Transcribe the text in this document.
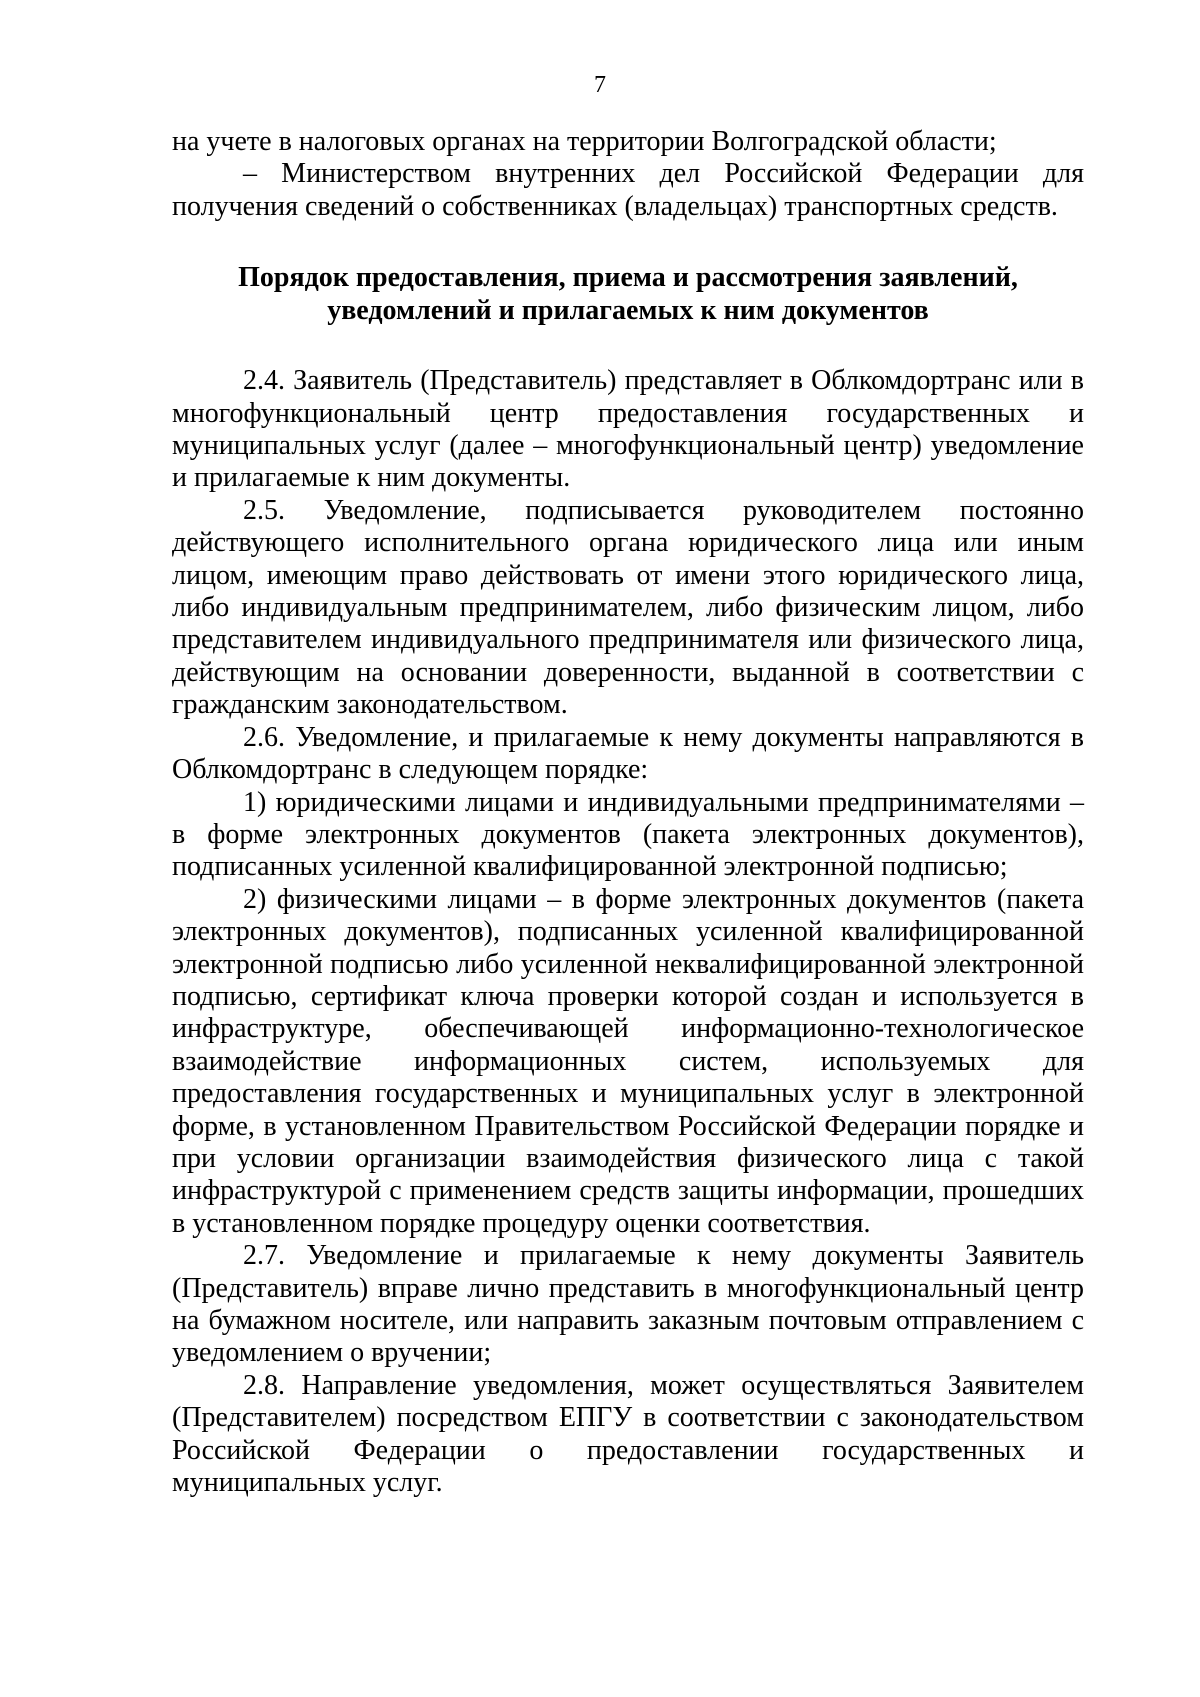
7

на учете в налоговых органах на территории Волгоградской области;

– Министерством внутренних дел Российской Федерации для получения сведений о собственниках (владельцах) транспортных средств.

Порядок предоставления, приема и рассмотрения заявлений,
уведомлений и прилагаемых к ним документов

2.4. Заявитель (Представитель) представляет в Облкомдортранс или в многофункциональный центр предоставления государственных и муниципальных услуг (далее – многофункциональный центр) уведомление и прилагаемые к ним документы.

2.5. Уведомление, подписывается руководителем постоянно действующего исполнительного органа юридического лица или иным лицом, имеющим право действовать от имени этого юридического лица, либо индивидуальным предпринимателем, либо физическим лицом, либо представителем индивидуального предпринимателя или физического лица, действующим на основании доверенности, выданной в соответствии с гражданским законодательством.

2.6. Уведомление, и прилагаемые к нему документы направляются в Облкомдортранс в следующем порядке:

1) юридическими лицами и индивидуальными предпринимателями – в форме электронных документов (пакета электронных документов), подписанных усиленной квалифицированной электронной подписью;

2) физическими лицами – в форме электронных документов (пакета электронных документов), подписанных усиленной квалифицированной электронной подписью либо усиленной неквалифицированной электронной подписью, сертификат ключа проверки которой создан и используется в инфраструктуре, обеспечивающей информационно-технологическое взаимодействие информационных систем, используемых для предоставления государственных и муниципальных услуг в электронной форме, в установленном Правительством Российской Федерации порядке и при условии организации взаимодействия физического лица с такой инфраструктурой с применением средств защиты информации, прошедших в установленном порядке процедуру оценки соответствия.

2.7. Уведомление и прилагаемые к нему документы Заявитель (Представитель) вправе лично представить в многофункциональный центр на бумажном носителе, или направить заказным почтовым отправлением с уведомлением о вручении;

2.8. Направление уведомления, может осуществляться Заявителем (Представителем) посредством ЕПГУ в соответствии с законодательством Российской Федерации о предоставлении государственных и муниципальных услуг.
